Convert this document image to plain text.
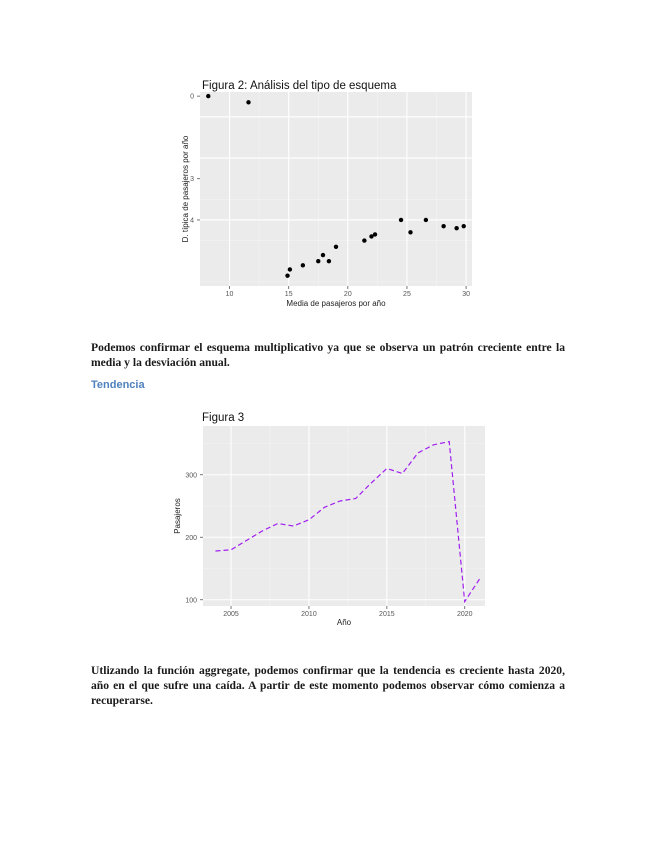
Figura 2: Análisis del tipo de esquema
0
3
4
10	15	20	25	30
Media de pasajeros por año
D. típica de pasajeros por año

Podemos confirmar el esquema multiplicativo ya que se observa un patrón creciente entre la media y la desviación anual.

Tendencia

Figura 3
100
200
300
2005	2010	2015	2020
Año
Pasajeros

Utlizando la función aggregate, podemos confirmar que la tendencia es creciente hasta 2020, año en el que sufre una caída. A partir de este momento podemos observar cómo comienza a recuperarse.
